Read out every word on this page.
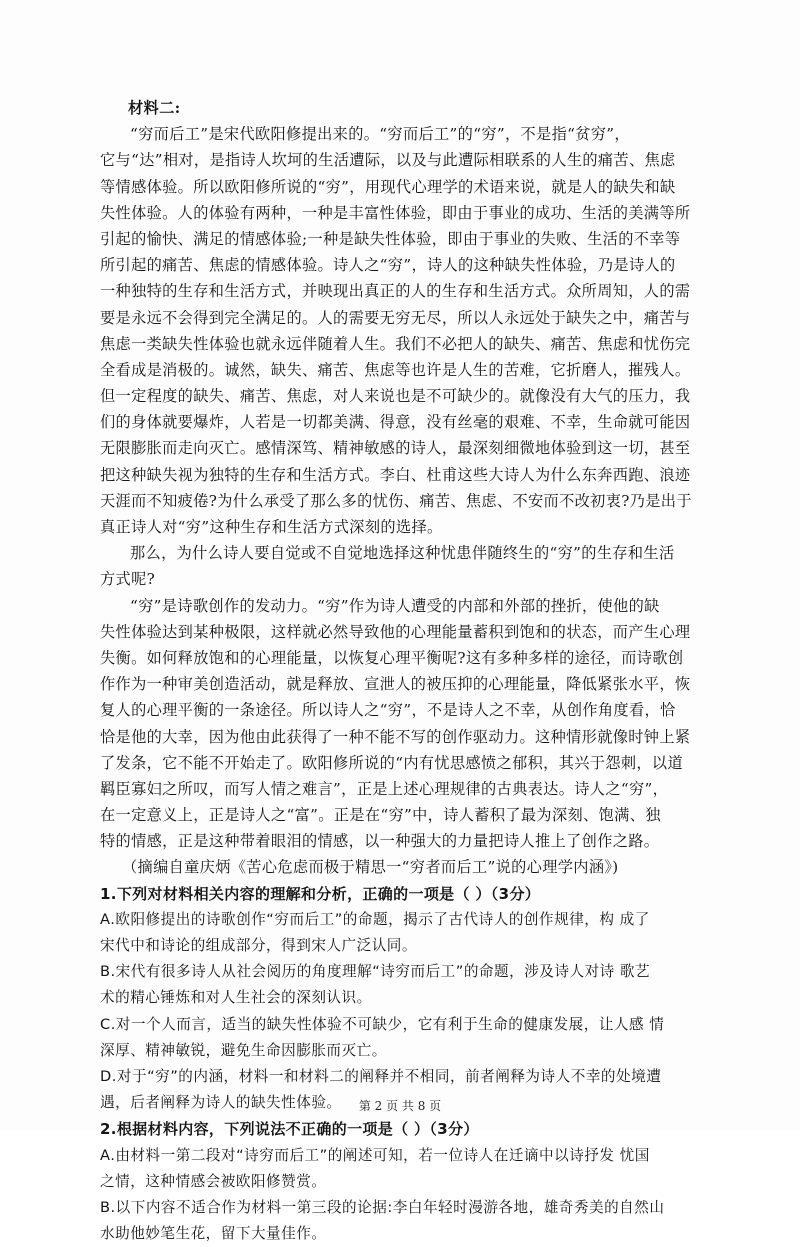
材料二:
“穷而后工”是宋代欧阳修提出来的。“穷而后工”的“穷”，不是指“贫穷”，
它与“达”相对，是指诗人坎坷的生活遭际，以及与此遭际相联系的人生的痛苦、焦虑
等情感体验。所以欧阳修所说的“穷”，用现代心理学的术语来说，就是人的缺失和缺
失性体验。人的体验有两种，一种是丰富性体验，即由于事业的成功、生活的美满等所
引起的愉快、满足的情感体验;一种是缺失性体验，即由于事业的失败、生活的不幸等
所引起的痛苦、焦虑的情感体验。诗人之“穷”，诗人的这种缺失性体验，乃是诗人的
一种独特的生存和生活方式，并映现出真正的人的生存和生活方式。众所周知，人的需
要是永远不会得到完全满足的。人的需要无穷无尽，所以人永远处于缺失之中，痛苦与
焦虑一类缺失性体验也就永远伴随着人生。我们不必把人的缺失、痛苦、焦虑和忧伤完
全看成是消极的。诚然，缺失、痛苦、焦虑等也许是人生的苦难，它折磨人，摧残人。
但一定程度的缺失、痛苦、焦虑，对人来说也是不可缺少的。就像没有大气的压力，我
们的身体就要爆炸，人若是一切都美满、得意，没有丝毫的艰难、不幸，生命就可能因
无限膨胀而走向灭亡。感情深笃、精神敏感的诗人，最深刻细微地体验到这一切，甚至
把这种缺失视为独特的生存和生活方式。李白、杜甫这些大诗人为什么东奔西跑、浪迹
天涯而不知疲倦?为什么承受了那么多的忧伤、痛苦、焦虑、不安而不改初衷?乃是出于
真正诗人对“穷”这种生存和生活方式深刻的选择。
那么，为什么诗人要自觉或不自觉地选择这种忧患伴随终生的“穷”的生存和生活
方式呢?
“穷”是诗歌创作的发动力。“穷”作为诗人遭受的内部和外部的挫折，使他的缺
失性体验达到某种极限，这样就必然导致他的心理能量蓄积到饱和的状态，而产生心理
失衡。如何释放饱和的心理能量，以恢复心理平衡呢?这有多种多样的途径，而诗歌创
作作为一种审美创造活动，就是释放、宣泄人的被压抑的心理能量，降低紧张水平，恢
复人的心理平衡的一条途径。所以诗人之“穷”，不是诗人之不幸，从创作角度看，恰
恰是他的大幸，因为他由此获得了一种不能不写的创作驱动力。这种情形就像时钟上紧
了发条，它不能不开始走了。欧阳修所说的“内有忧思感愤之郁积，其兴于怨刺，以道
羁臣寡妇之所叹，而写人情之难言”，正是上述心理规律的古典表达。诗人之“穷”，
在一定意义上，正是诗人之“富”。正是在“穷”中，诗人蓄积了最为深刻、饱满、独
特的情感，正是这种带着眼泪的情感，以一种强大的力量把诗人推上了创作之路。
（摘编自童庆炳《苦心危虑而极于精思一“穷者而后工”说的心理学内涵》)
1.下列对材料相关内容的理解和分析，正确的一项是（ ）（3分）
A.欧阳修提出的诗歌创作“穷而后工”的命题，揭示了古代诗人的创作规律，构 成了
宋代中和诗论的组成部分，得到宋人广泛认同。
B.宋代有很多诗人从社会阅历的角度理解“诗穷而后工”的命题，涉及诗人对诗 歌艺
术的精心锤炼和对人生社会的深刻认识。
C.对一个人而言，适当的缺失性体验不可缺少，它有利于生命的健康发展，让人感 情
深厚、精神敏锐，避免生命因膨胀而灭亡。
D.对于“穷”的内涵，材料一和材料二的阐释并不相同，前者阐释为诗人不幸的处境遭
遇，后者阐释为诗人的缺失性体验。
2.根据材料内容，下列说法不正确的一项是（ ）（3分）
A.由材料一第二段对“诗穷而后工”的阐述可知，若一位诗人在迁谪中以诗抒发 忧国
之情，这种情感会被欧阳修赞赏。
B.以下内容不适合作为材料一第三段的论据:李白年轻时漫游各地，雄奇秀美的自然山
水助他妙笔生花，留下大量佳作。
第 2 页 共 8 页
